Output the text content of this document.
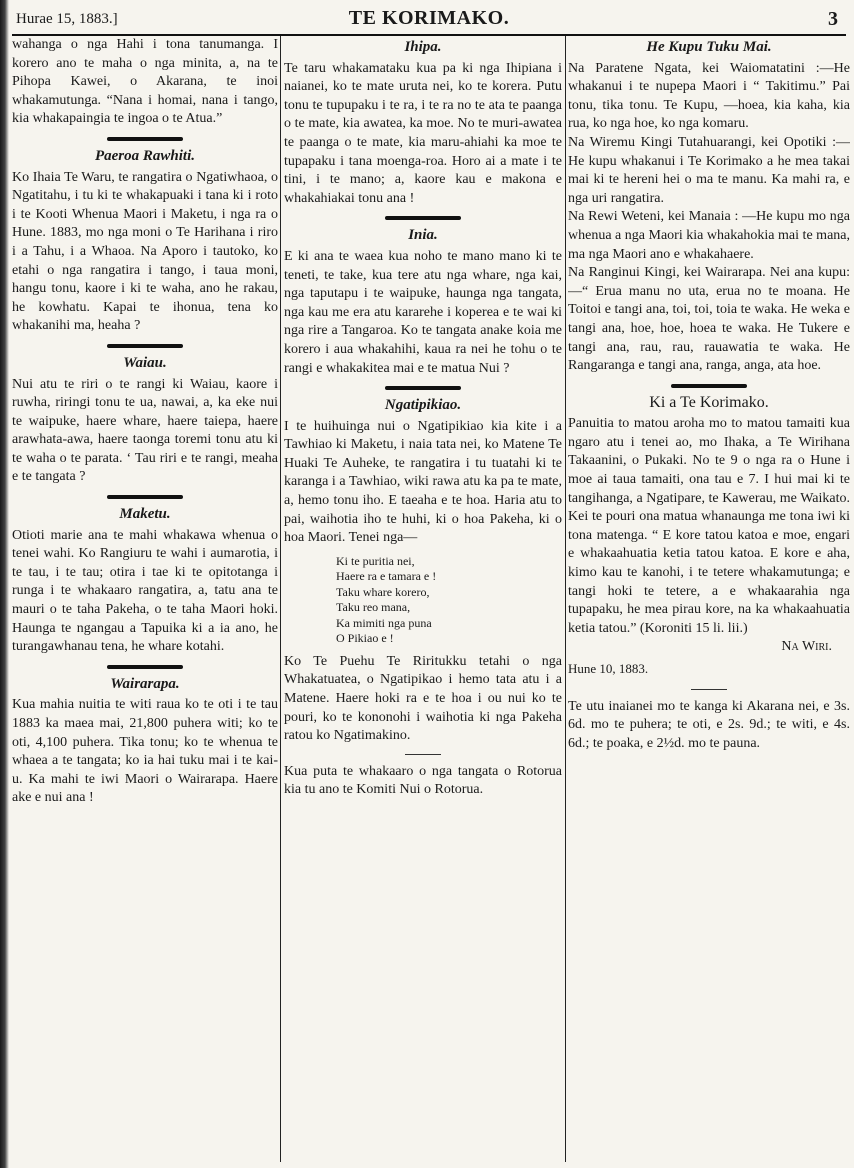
Hurae 15, 1883.]	TE KORIMAKO.	3

wahanga o nga Hahi i tona tanumanga. I korero ano te maha o nga minita, a, na te Pihopa Kawei, o Akarana, te inoi whakamutunga. “Nana i homai, nana i tango, kia whakapaingia te ingoa o te Atua.”

Paeroa Rawhiti.

Ko Ihaia Te Waru, te rangatira o Ngatiwhaoa, o Ngatitahu, i tu ki te whakapuaki i tana ki i roto i te Kooti Whenua Maori i Maketu, i nga ra o Hune. 1883, mo nga moni o Te Harihana i riro i a Tahu, i a Whaoa. Na Aporo i tautoko, ko etahi o nga rangatira i tango, i taua moni, hangu tonu, kaore i ki te waha, ano he rakau, he kowhatu. Kapai te ihonua, tena ko whakanihi ma, heaha ?

Waiau.

Nui atu te riri o te rangi ki Waiau, kaore i ruwha, riringi tonu te ua, nawai, a, ka eke nui te waipuke, haere whare, haere taiepa, haere arawhata-awa, haere taonga toremi tonu atu ki te waha o te parata. ‘ Tau riri e te rangi, meaha e te tangata ?

Maketu.

Otioti marie ana te mahi whakawa whenua o tenei wahi. Ko Rangiuru te wahi i aumarotia, i te tau, i te tau; otira i tae ki te opitotanga i runga i te whakaaro rangatira, a, tatu ana te mauri o te taha Pakeha, o te taha Maori hoki. Haunga te ngangau a Tapuika ki a ia ano, he turangawhanau tena, he whare kotahi.

Wairarapa.

Kua mahia nuitia te witi raua ko te oti i te tau 1883 ka maea mai, 21,800 puhera witi; ko te oti, 4,100 puhera. Tika tonu; ko te whenua te whaea a te tangata; ko ia hai tuku mai i te kai-u. Ka mahi te iwi Maori o Wairarapa. Haere ake e nui ana !

Ihipa.

Te taru whakamataku kua pa ki nga Ihipiana i naianei, ko te mate uruta nei, ko te korera. Putu tonu te tupupaku i te ra, i te ra no te ata te paanga o te mate, kia awatea, ka moe. No te muri-awatea te paanga o te mate, kia maru-ahiahi ka moe te tupapaku i tana moenga-roa. Horo ai a mate i te tini, i te mano; a, kaore kau e makona e whakahiakai tonu ana !

Inia.

E ki ana te waea kua noho te mano mano ki te teneti, te take, kua tere atu nga whare, nga kai, nga taputapu i te waipuke, haunga nga tangata, nga kau me era atu kararehe i koperea e te wai ki nga rire a Tangaroa. Ko te tangata anake koia me korero i aua whakahihi, kaua ra nei he tohu o te rangi e whakakitea mai e te matua Nui ?

Ngatipikiao.

I te huihuinga nui o Ngatipikiao kia kite i a Tawhiao ki Maketu, i naia tata nei, ko Matene Te Huaki Te Auheke, te rangatira i tu tuatahi ki te karanga i a Tawhiao, wiki rawa atu ka pa te mate, a, hemo tonu iho. E taeaha e te hoa. Haria atu to pai, waihotia iho te huhi, ki o hoa Pakeha, ki o hoa Maori. Tenei nga—

Ki te puritia nei,
Haere ra e tamara e !
Taku whare korero,
Taku reo mana,
Ka mimiti nga puna
O Pikiao e !

Ko Te Puehu Te Riritukku tetahi o nga Whakatuatea, o Ngatipikao i hemo tata atu i a Matene. Haere hoki ra e te hoa i ou nui ko te pouri, ko te kononohi i waihotia ki nga Pakeha ratou ko Ngatimakino.

Kua puta te whakaaro o nga tangata o Rotorua kia tu ano te Komiti Nui o Rotorua.

He Kupu Tuku Mai.

Na Paratene Ngata, kei Waiomatatini :—He whakanui i te nupepa Maori i “ Takitimu.” Pai tonu, tika tonu. Te Kupu, —hoea, kia kaha, kia rua, ko nga hoe, ko nga komaru.

Na Wiremu Kingi Tutahuarangi, kei Opotiki :—He kupu whakanui i Te Korimako a he mea takai mai ki te hereni hei o ma te manu. Ka mahi ra, e nga uri rangatira.

Na Rewi Weteni, kei Manaia : —He kupu mo nga whenua a nga Maori kia whakahokia mai te mana, ma nga Maori ano e whakahaere.

Na Ranginui Kingi, kei Wairarapa. Nei ana kupu:—“ Erua manu no uta, erua no te moana. He Toitoi e tangi ana, toi, toi, toia te waka. He weka e tangi ana, hoe, hoe, hoea te waka. He Tukere e tangi ana, rau, rau, rauawatia te waka. He Rangaranga e tangi ana, ranga, anga, ata hoe.

Ki a Te Korimako.

Panuitia to matou aroha mo to matou tamaiti kua ngaro atu i tenei ao, mo Ihaka, a Te Wirihana Takaanini, o Pukaki. No te 9 o nga ra o Hune i moe ai taua tamaiti, ona tau e 7. I hui mai ki te tangihanga, a Ngatipare, te Kawerau, me Waikato. Kei te pouri ona matua whanaunga me tona iwi ki tona matenga. “ E kore tatou katoa e moe, engari e whakaahuatia ketia tatou katoa. E kore e aha, kimo kau te kanohi, i te tetere whakamutunga; e tangi hoki te tetere, a e whakaarahia nga tupapaku, he mea pirau kore, na ka whakaahuatia ketia tatou.” (Koroniti 15 li. lii.)

Na Wiri.

Hune 10, 1883.

Te utu inaianei mo te kanga ki Akarana nei, e 3s. 6d. mo te puhera; te oti, e 2s. 9d.; te witi, e 4s. 6d.; te poaka, e 2½d. mo te pauna.
